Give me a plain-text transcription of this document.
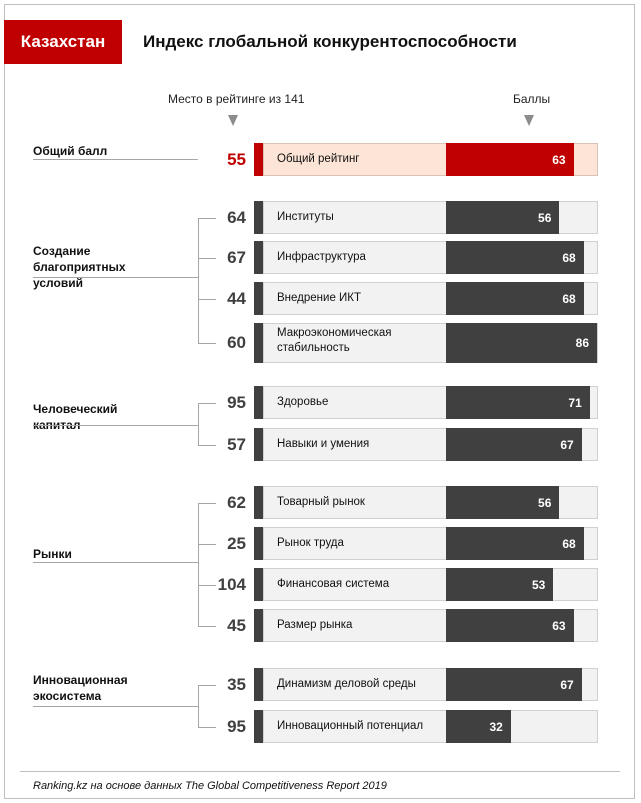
Казахстан	Индекс глобальной конкурентоспособности
Место в рейтинге из 141	Баллы
Общий балл	55	Общий рейтинг	63
Создание благоприятных условий
64	Институты	56
67	Инфраструктура	68
44	Внедрение ИКТ	68
60	Макроэкономическая стабильность	86
Человеческий капитал
95	Здоровье	71
57	Навыки и умения	67
Рынки
62	Товарный рынок	56
25	Рынок труда	68
104	Финансовая система	53
45	Размер рынка	63
Инновационная экосистема
35	Динамизм деловой среды	67
95	Инновационный потенциал	32
Ranking.kz на основе данных The Global Competitiveness Report 2019
